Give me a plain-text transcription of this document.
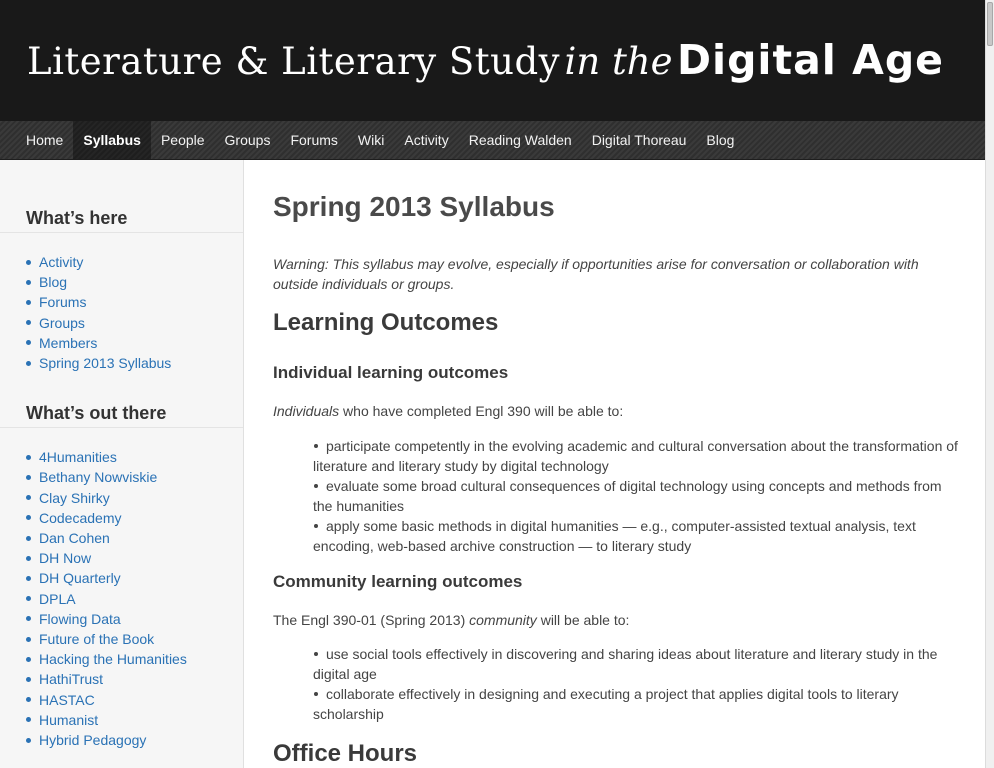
Literature & Literary Study in the Digital Age
Home	Syllabus	People	Groups	Forums	Wiki	Activity	Reading Walden	Digital Thoreau	Blog
What’s here
Activity
Blog
Forums
Groups
Members
Spring 2013 Syllabus
What’s out there
4Humanities
Bethany Nowviskie
Clay Shirky
Codecademy
Dan Cohen
DH Now
DH Quarterly
DPLA
Flowing Data
Future of the Book
Hacking the Humanities
HathiTrust
HASTAC
Humanist
Hybrid Pedagogy
Spring 2013 Syllabus

Warning: This syllabus may evolve, especially if opportunities arise for conversation or collaboration with outside individuals or groups.

Learning Outcomes
Individual learning outcomes

Individuals who have completed Engl 390 will be able to:

participate competently in the evolving academic and cultural conversation about the transformation of literature and literary study by digital technology
evaluate some broad cultural consequences of digital technology using concepts and methods from the humanities
apply some basic methods in digital humanities — e.g., computer-assisted textual analysis, text encoding, web-based archive construction — to literary study
Community learning outcomes

The Engl 390-01 (Spring 2013) community will be able to:

use social tools effectively in discovering and sharing ideas about literature and literary study in the digital age
collaborate effectively in designing and executing a project that applies digital tools to literary scholarship
Office Hours
